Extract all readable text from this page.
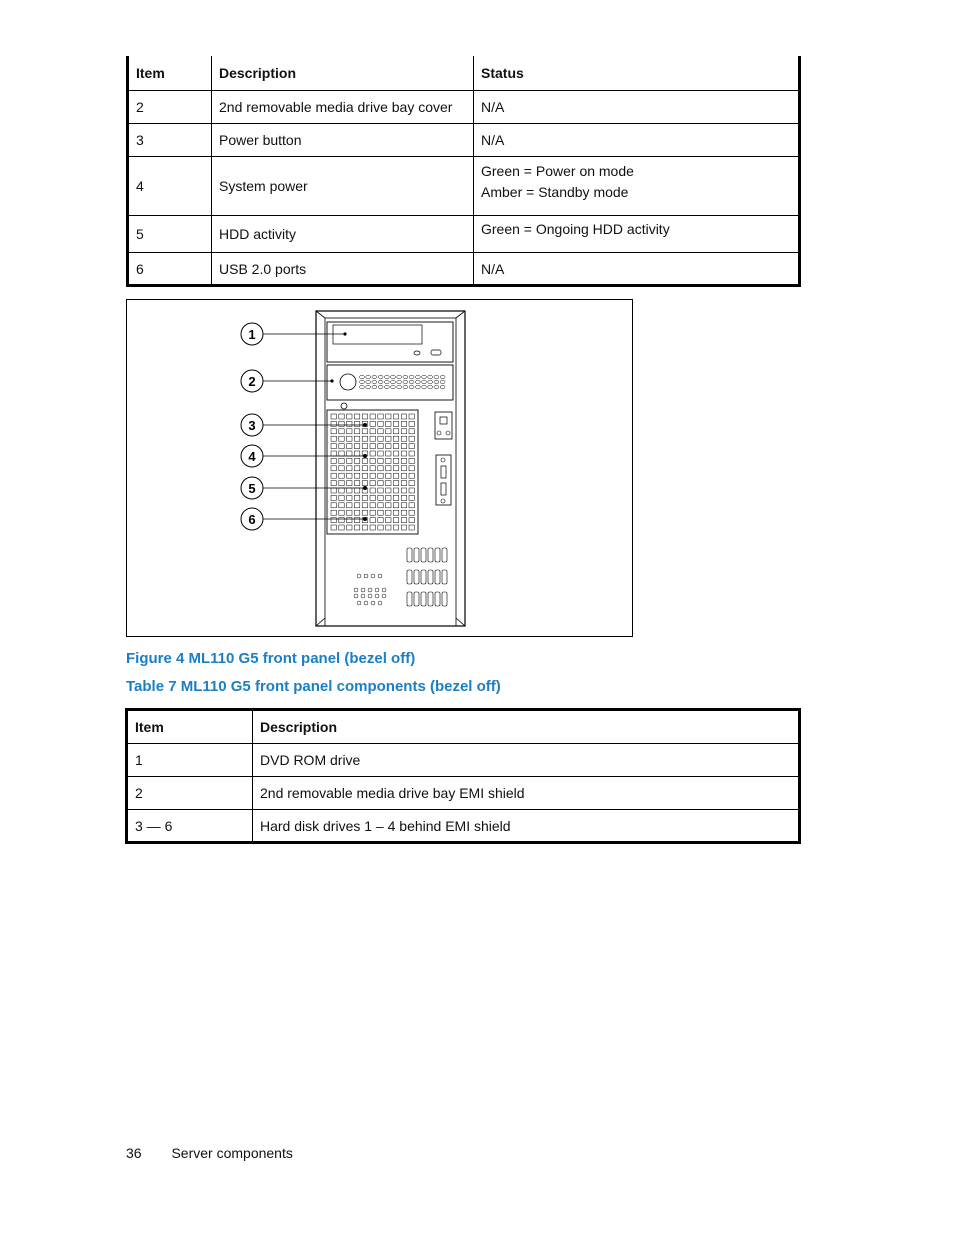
Item	Description	Status
2	2nd removable media drive bay cover	N/A
3	Power button	N/A
4	System power	Green = Power on mode
Amber = Standby mode

5	HDD activity	Green = Ongoing HDD activity
6	USB 2.0 ports	N/A
1
2
3
4
5
6

Figure 4 ML110 G5 front panel (bezel off)

Table 7 ML110 G5 front panel components (bezel off)

Item	Description
1	DVD ROM drive
2	2nd removable media drive bay EMI shield
3 — 6	Hard disk drives 1 – 4 behind EMI shield
36 Server components
